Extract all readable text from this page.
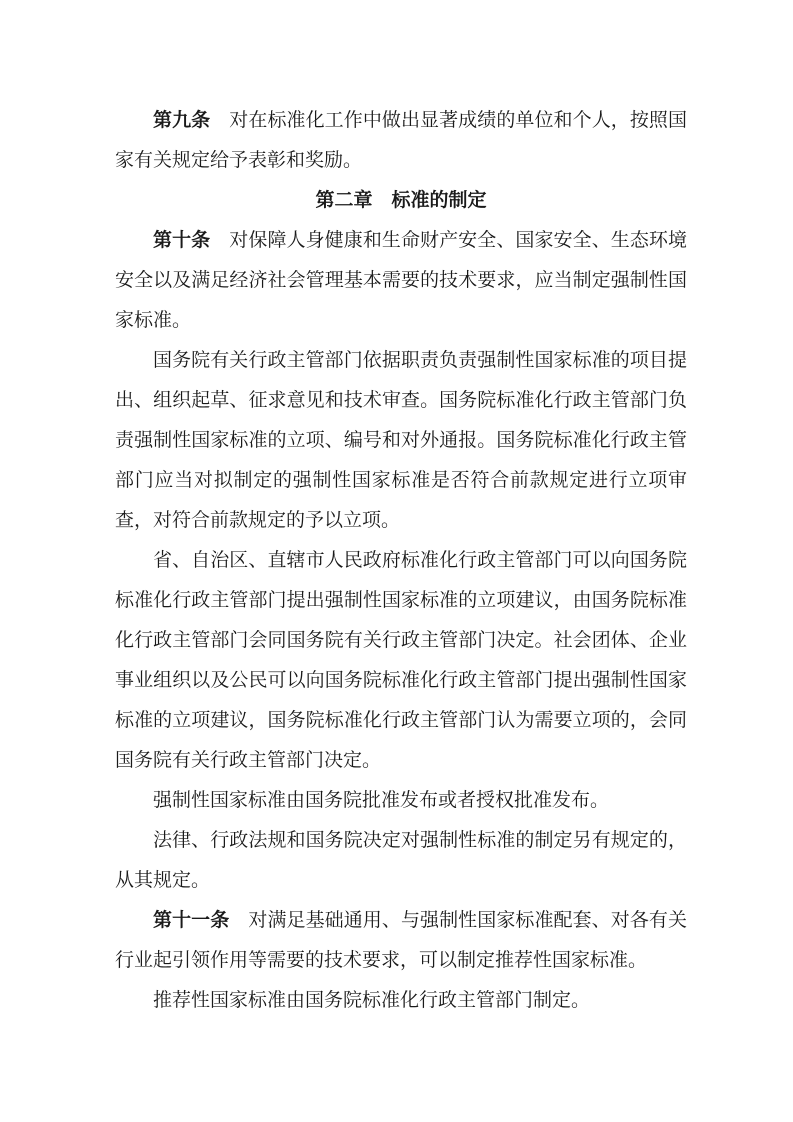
第九条　对在标准化工作中做出显著成绩的单位和个人，按照国家有关规定给予表彰和奖励。

第二章　标准的制定

第十条　对保障人身健康和生命财产安全、国家安全、生态环境安全以及满足经济社会管理基本需要的技术要求，应当制定强制性国家标准。

国务院有关行政主管部门依据职责负责强制性国家标准的项目提出、组织起草、征求意见和技术审查。国务院标准化行政主管部门负责强制性国家标准的立项、编号和对外通报。国务院标准化行政主管部门应当对拟制定的强制性国家标准是否符合前款规定进行立项审查，对符合前款规定的予以立项。

省、自治区、直辖市人民政府标准化行政主管部门可以向国务院标准化行政主管部门提出强制性国家标准的立项建议，由国务院标准化行政主管部门会同国务院有关行政主管部门决定。社会团体、企业事业组织以及公民可以向国务院标准化行政主管部门提出强制性国家标准的立项建议，国务院标准化行政主管部门认为需要立项的，会同国务院有关行政主管部门决定。

强制性国家标准由国务院批准发布或者授权批准发布。

法律、行政法规和国务院决定对强制性标准的制定另有规定的，从其规定。

第十一条　对满足基础通用、与强制性国家标准配套、对各有关行业起引领作用等需要的技术要求，可以制定推荐性国家标准。

推荐性国家标准由国务院标准化行政主管部门制定。
